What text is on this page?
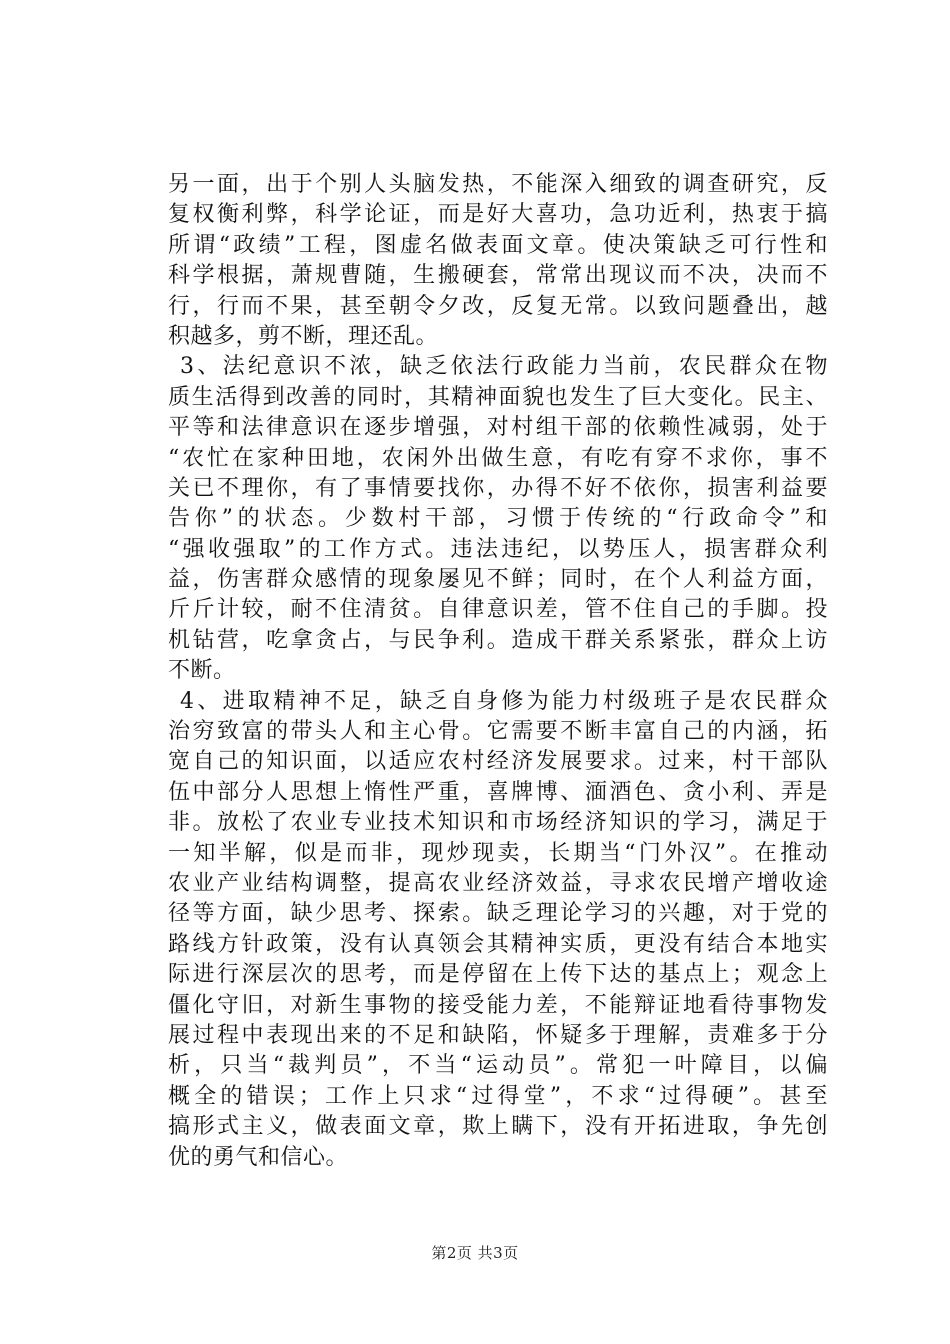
另一面，出于个别人头脑发热，不能深入细致的调查研究，反
复权衡利弊，科学论证，而是好大喜功，急功近利，热衷于搞
所谓“政绩”工程，图虚名做表面文章。使决策缺乏可行性和
科学根据，萧规曹随，生搬硬套，常常出现议而不决，决而不
行，行而不果，甚至朝令夕改，反复无常。以致问题叠出，越
积越多，剪不断，理还乱。
3、法纪意识不浓，缺乏依法行政能力当前，农民群众在物
质生活得到改善的同时，其精神面貌也发生了巨大变化。民主、
平等和法律意识在逐步增强，对村组干部的依赖性减弱，处于
“农忙在家种田地，农闲外出做生意，有吃有穿不求你，事不
关已不理你，有了事情要找你，办得不好不依你，损害利益要
告你”的状态。少数村干部，习惯于传统的“行政命令”和
“强收强取”的工作方式。违法违纪，以势压人，损害群众利
益，伤害群众感情的现象屡见不鲜；同时，在个人利益方面，
斤斤计较，耐不住清贫。自律意识差，管不住自己的手脚。投
机钻营，吃拿贪占，与民争利。造成干群关系紧张，群众上访
不断。
4、进取精神不足，缺乏自身修为能力村级班子是农民群众
治穷致富的带头人和主心骨。它需要不断丰富自己的内涵，拓
宽自己的知识面，以适应农村经济发展要求。过来，村干部队
伍中部分人思想上惰性严重，喜牌博、湎酒色、贪小利、弄是
非。放松了农业专业技术知识和市场经济知识的学习，满足于
一知半解，似是而非，现炒现卖，长期当“门外汉”。在推动
农业产业结构调整，提高农业经济效益，寻求农民增产增收途
径等方面，缺少思考、探索。缺乏理论学习的兴趣，对于党的
路线方针政策，没有认真领会其精神实质，更没有结合本地实
际进行深层次的思考，而是停留在上传下达的基点上；观念上
僵化守旧，对新生事物的接受能力差，不能辩证地看待事物发
展过程中表现出来的不足和缺陷，怀疑多于理解，责难多于分
析，只当“裁判员”，不当“运动员”。常犯一叶障目，以偏
概全的错误；工作上只求“过得堂”，不求“过得硬”。甚至
搞形式主义，做表面文章，欺上瞒下，没有开拓进取，争先创
优的勇气和信心。
第2页 共3页
